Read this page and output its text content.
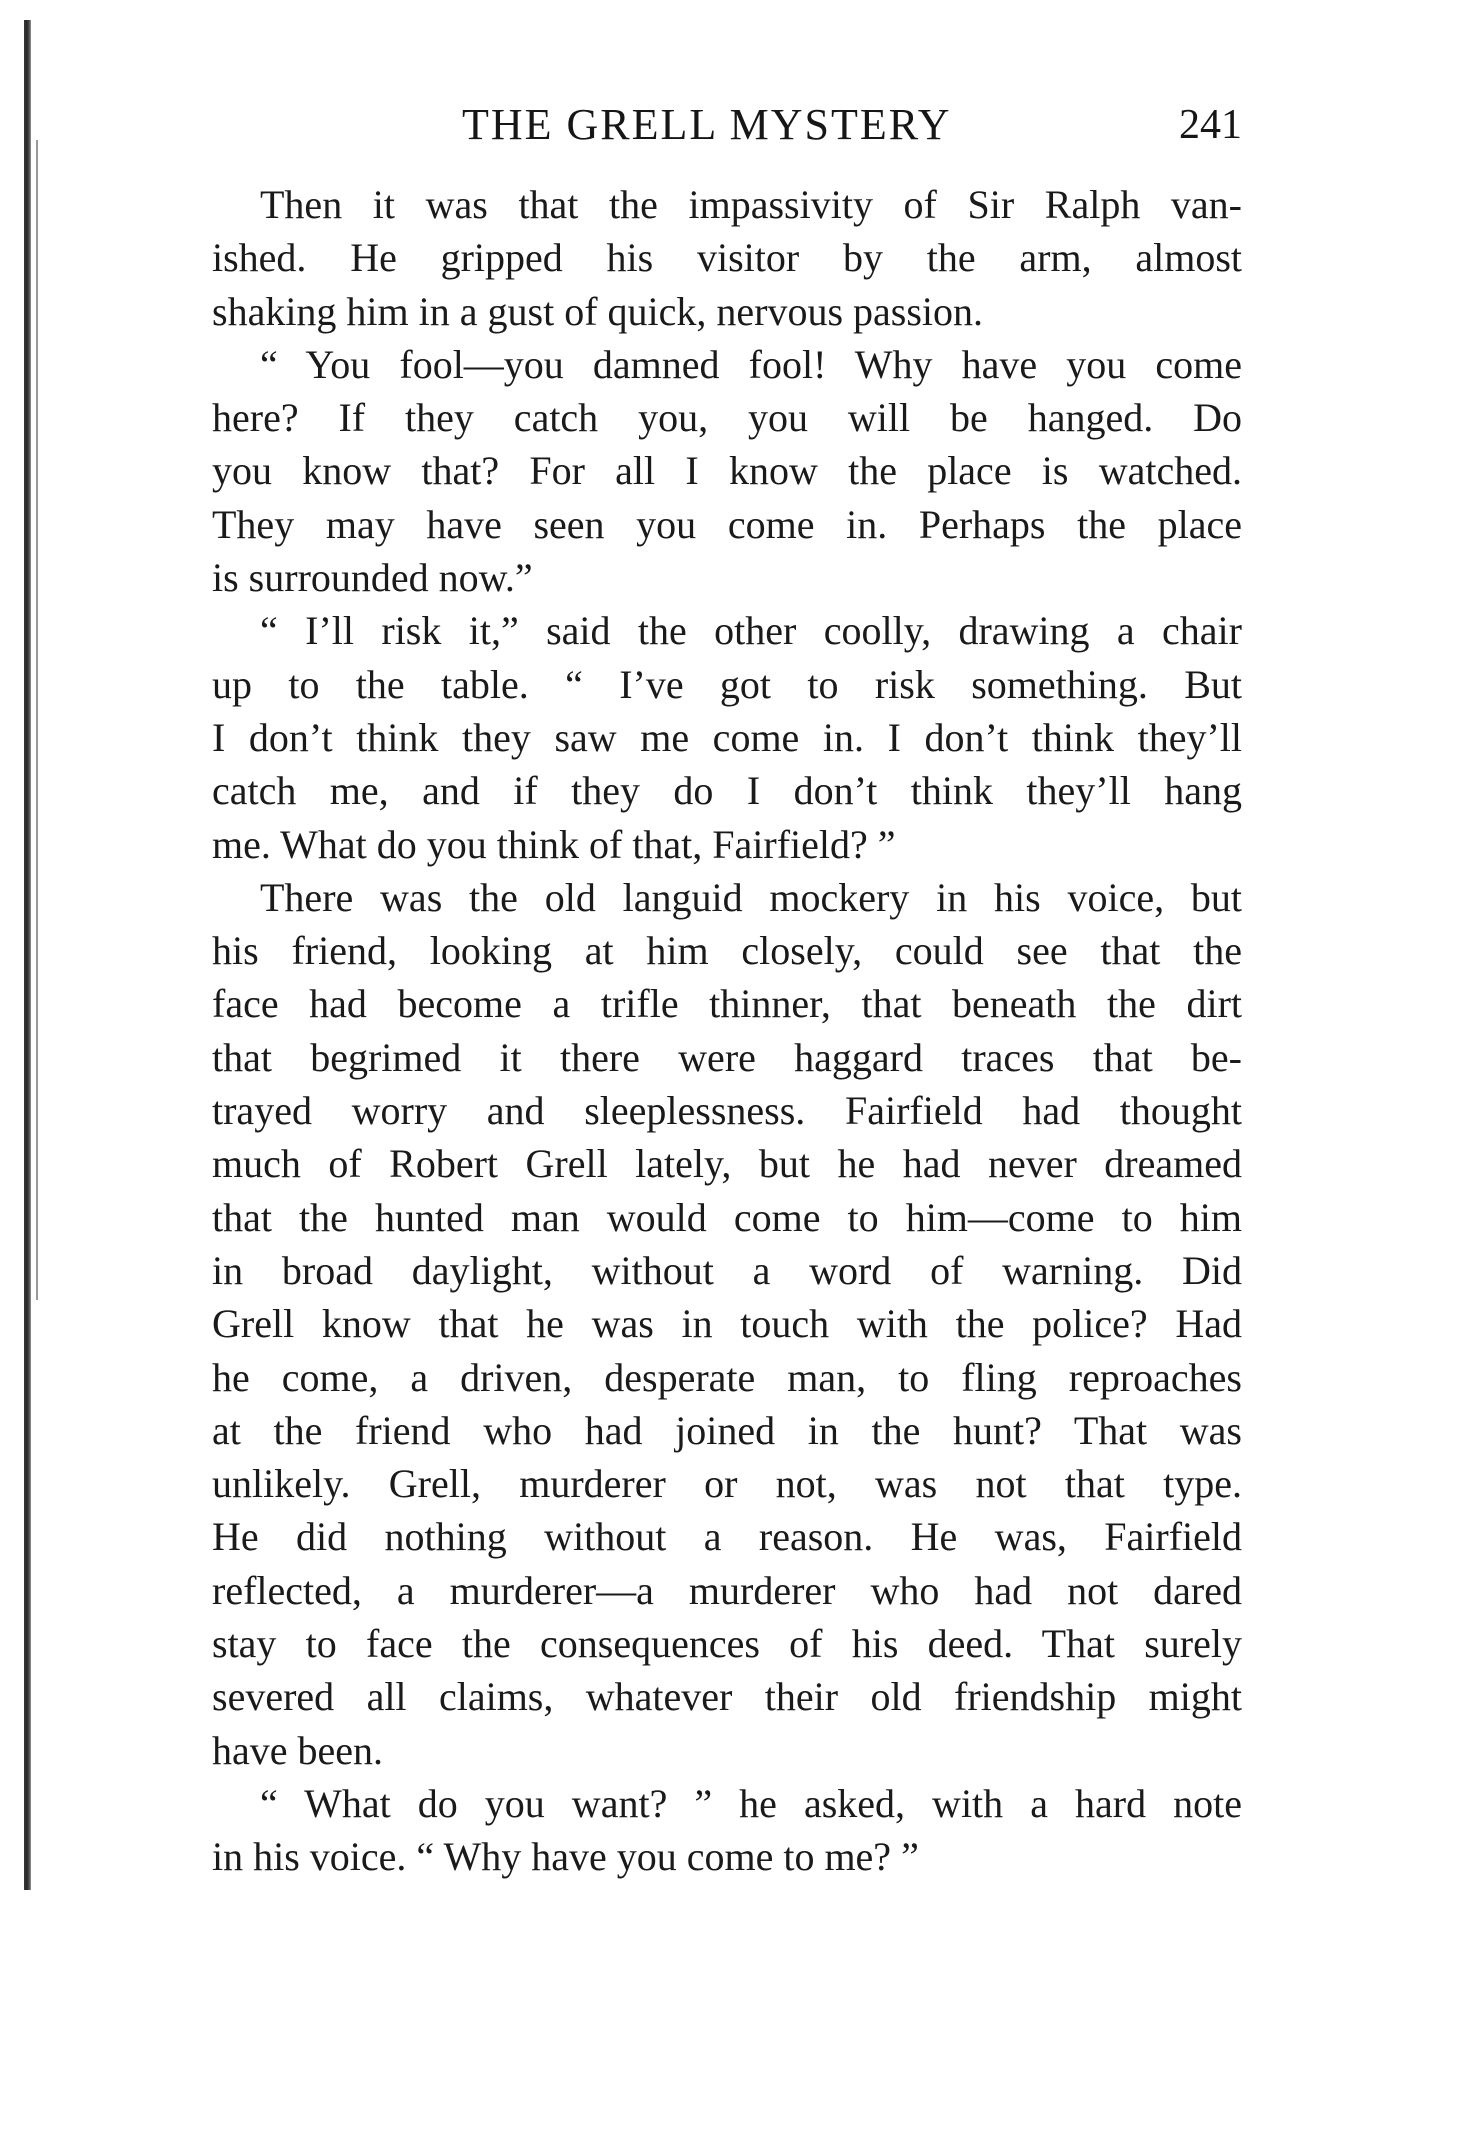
THE GRELL MYSTERY	241
Then it was that the impassivity of Sir Ralph van-
ished. He gripped his visitor by the arm, almost
shaking him in a gust of quick, nervous passion.
“ You fool—you damned fool! Why have you come
here? If they catch you, you will be hanged. Do
you know that? For all I know the place is watched.
They may have seen you come in. Perhaps the place
is surrounded now.”
“ I’ll risk it,” said the other coolly, drawing a chair
up to the table. “ I’ve got to risk something. But
I don’t think they saw me come in. I don’t think they’ll
catch me, and if they do I don’t think they’ll hang
me. What do you think of that, Fairfield? ”
There was the old languid mockery in his voice, but
his friend, looking at him closely, could see that the
face had become a trifle thinner, that beneath the dirt
that begrimed it there were haggard traces that be-
trayed worry and sleeplessness. Fairfield had thought
much of Robert Grell lately, but he had never dreamed
that the hunted man would come to him—come to him
in broad daylight, without a word of warning. Did
Grell know that he was in touch with the police? Had
he come, a driven, desperate man, to fling reproaches
at the friend who had joined in the hunt? That was
unlikely. Grell, murderer or not, was not that type.
He did nothing without a reason. He was, Fairfield
reflected, a murderer—a murderer who had not dared
stay to face the consequences of his deed. That surely
severed all claims, whatever their old friendship might
have been.
“ What do you want? ” he asked, with a hard note
in his voice. “ Why have you come to me? ”
